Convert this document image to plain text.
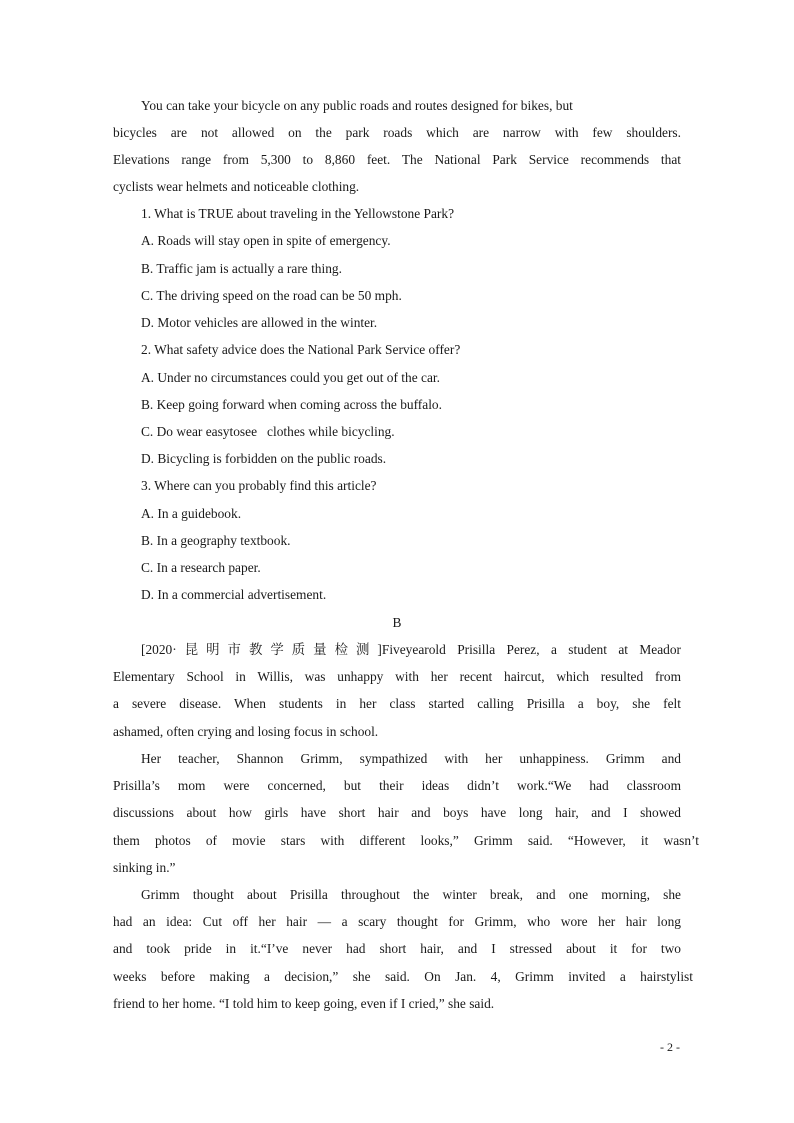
You can take your bicycle on any public roads and routes designed for bikes, but
bicycles are not allowed on the park roads which are narrow with few shoulders.
Elevations range from 5,300 to 8,860 feet. The National Park Service recommends that
cyclists wear helmets and noticeable clothing.
1. What is TRUE about traveling in the Yellowstone Park?
A. Roads will stay open in spite of emergency.
B. Traffic jam is actually a rare thing.
C. The driving speed on the road can be 50 mph.
D. Motor vehicles are allowed in the winter.
2. What safety advice does the National Park Service offer?
A. Under no circumstances could you get out of the car.
B. Keep going forward when coming across the buffalo.
C. Do wear easytosee   clothes while bicycling.
D. Bicycling is forbidden on the public roads.
3. Where can you probably find this article?
A. In a guidebook.
B. In a geography textbook.
C. In a research paper.
D. In a commercial advertisement.
B
[2020·昆明市教学质量检测]Fiveyearold Prisilla Perez, a student at Meador
Elementary School in Willis, was unhappy with her recent haircut, which resulted from
a severe disease. When students in her class started calling Prisilla a boy, she felt
ashamed, often crying and losing focus in school.
Her teacher, Shannon Grimm, sympathized with her unhappiness. Grimm and
Prisilla’s mom were concerned, but their ideas didn’t work.“We had classroom
discussions about how girls have short hair and boys have long hair, and I showed
them photos of movie stars with different looks,” Grimm said. “However, it wasn’t
sinking in.”
Grimm thought about Prisilla throughout the winter break, and one morning, she
had an idea: Cut off her hair — a scary thought for Grimm, who wore her hair long
and took pride in it.“I’ve never had short hair, and I stressed about it for two
weeks before making a decision,” she said. On Jan. 4, Grimm invited a hairstylist
friend to her home. “I told him to keep going, even if I cried,” she said.
- 2 -
